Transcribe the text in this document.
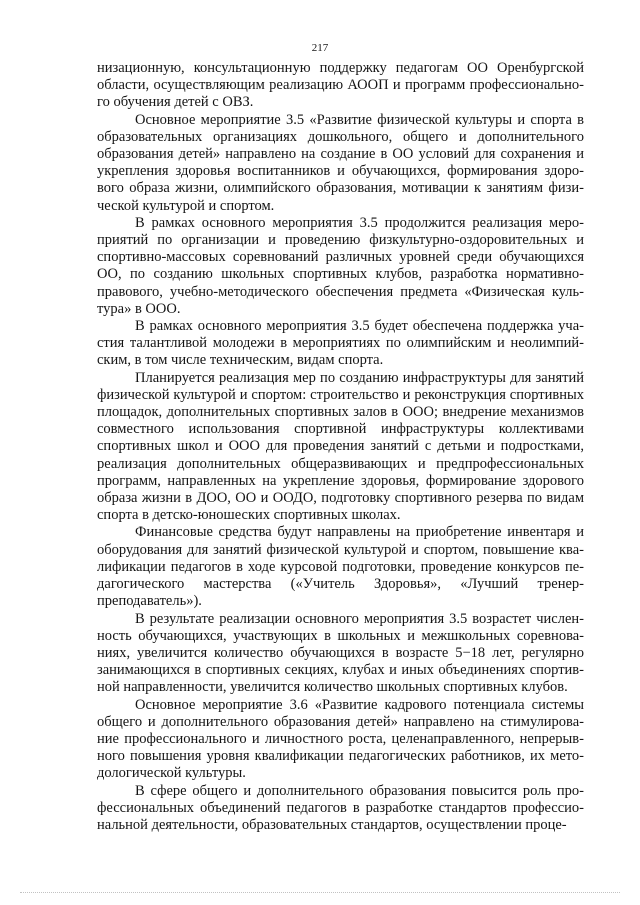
217

низационную, консультационную поддержку педагогам ОО Оренбургской области, осуществляющим реализацию АООП и программ профессионального обучения детей с ОВЗ.

Основное мероприятие 3.5 «Развитие физической культуры и спорта в образовательных организациях дошкольного, общего и дополнительного образования детей» направлено на создание в ОО условий для сохранения и укрепления здоровья воспитанников и обучающихся, формирования здорового образа жизни, олимпийского образования, мотивации к занятиям физической культурой и спортом.

В рамках основного мероприятия 3.5 продолжится реализация мероприятий по организации и проведению физкультурно-оздоровительных и спортивно-массовых соревнований различных уровней среди обучающихся ОО, по созданию школьных спортивных клубов, разработка нормативно-правового, учебно-методического обеспечения предмета «Физическая культура» в ООО.

В рамках основного мероприятия 3.5 будет обеспечена поддержка участия талантливой молодежи в мероприятиях по олимпийским и неолимпийским, в том числе техническим, видам спорта.

Планируется реализация мер по созданию инфраструктуры для занятий физической культурой и спортом: строительство и реконструкция спортивных площадок, дополнительных спортивных залов в ООО; внедрение механизмов совместного использования спортивной инфраструктуры коллективами спортивных школ и ООО для проведения занятий с детьми и подростками, реализация дополнительных общеразвивающих и предпрофессиональных программ, направленных на укрепление здоровья, формирование здорового образа жизни в ДОО, ОО и ООДО, подготовку спортивного резерва по видам спорта в детско-юношеских спортивных школах.

Финансовые средства будут направлены на приобретение инвентаря и оборудования для занятий физической культурой и спортом, повышение квалификации педагогов в ходе курсовой подготовки, проведение конкурсов педагогического мастерства («Учитель Здоровья», «Лучший тренер-преподаватель»).

В результате реализации основного мероприятия 3.5 возрастет численность обучающихся, участвующих в школьных и межшкольных соревнованиях, увеличится количество обучающихся в возрасте 5−18 лет, регулярно занимающихся в спортивных секциях, клубах и иных объединениях спортивной направленности, увеличится количество школьных спортивных клубов.

Основное мероприятие 3.6 «Развитие кадрового потенциала системы общего и дополнительного образования детей» направлено на стимулирование профессионального и личностного роста, целенаправленного, непрерывного повышения уровня квалификации педагогических работников, их методологической культуры.

В сфере общего и дополнительного образования повысится роль профессиональных объединений педагогов в разработке стандартов профессиональной деятельности, образовательных стандартов, осуществлении проце-
